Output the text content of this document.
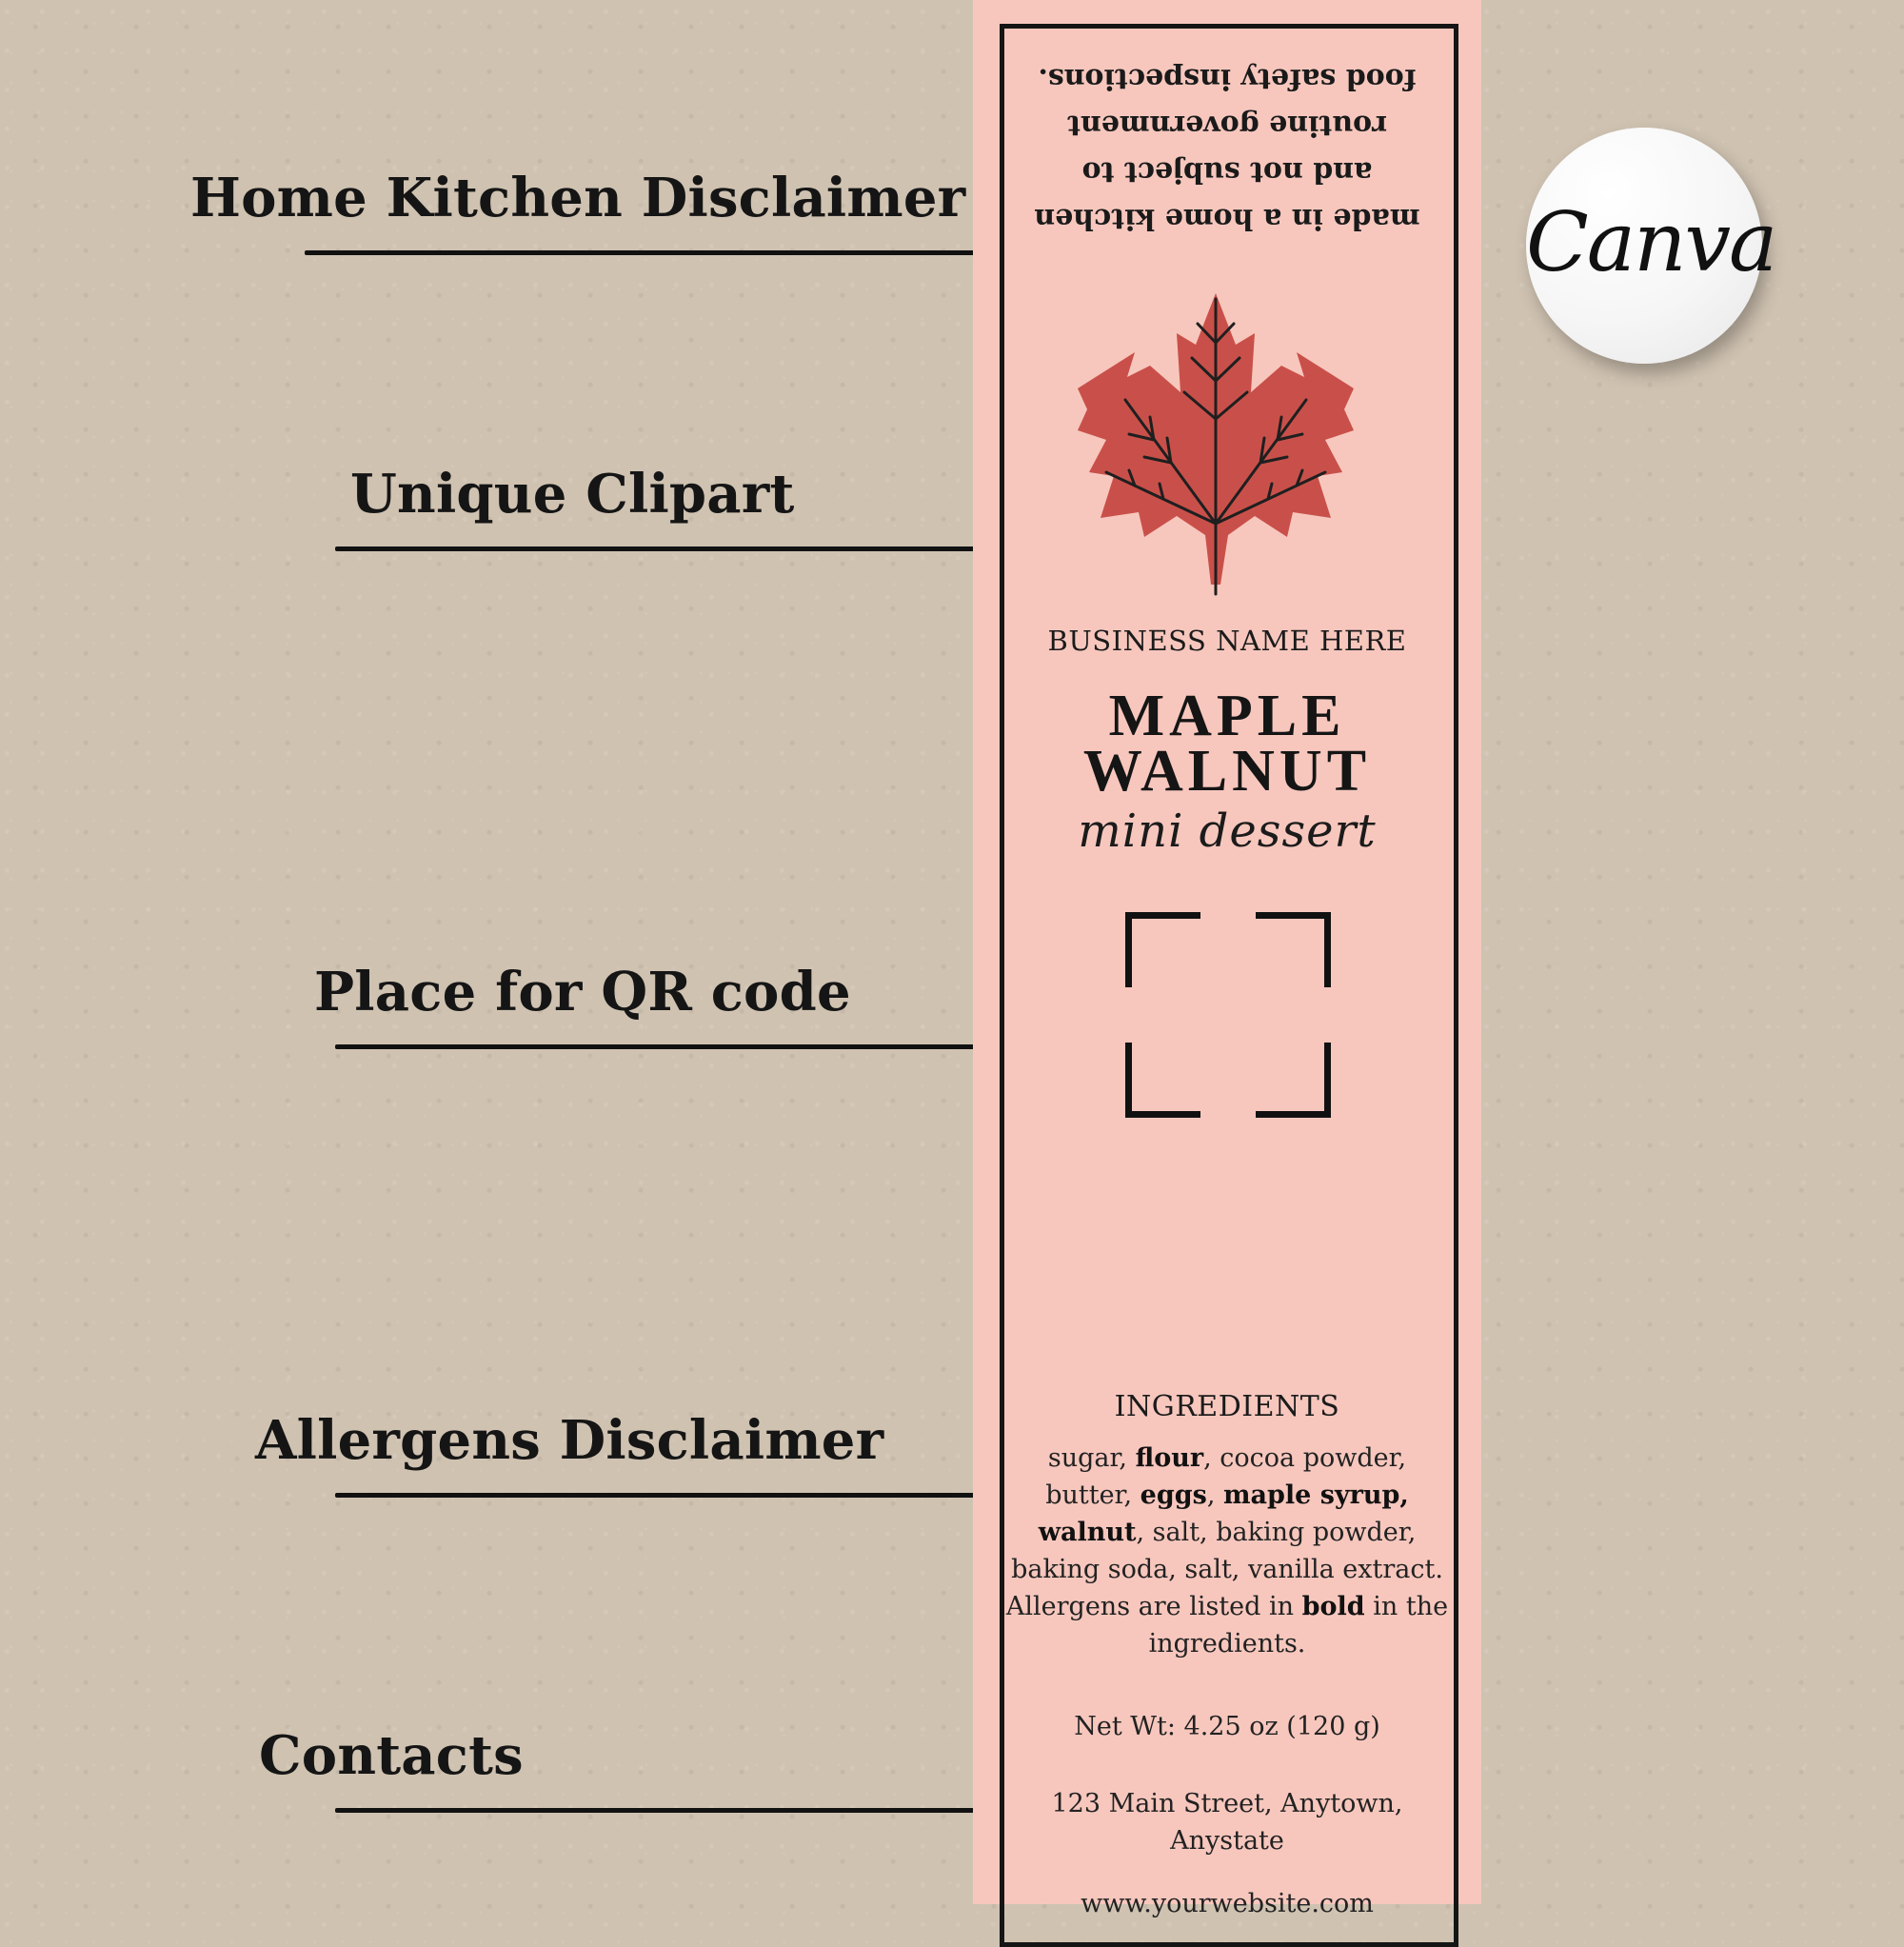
Home Kitchen Disclaimer
Unique Clipart
Place for QR code
Allergens Disclaimer
Contacts
made in a home kitchen
and not subject to
routine government
food safety inspections.
BUSINESS NAME HERE
MAPLE
WALNUT
mini dessert
INGREDIENTS
sugar, flour, cocoa powder, butter, eggs, maple syrup, walnut, salt, baking powder, baking soda, salt, vanilla extract. Allergens are listed in bold in the ingredients.
Net Wt: 4.25 oz (120 g)
123 Main Street, Anytown, Anystate
www.yourwebsite.com
Canva
